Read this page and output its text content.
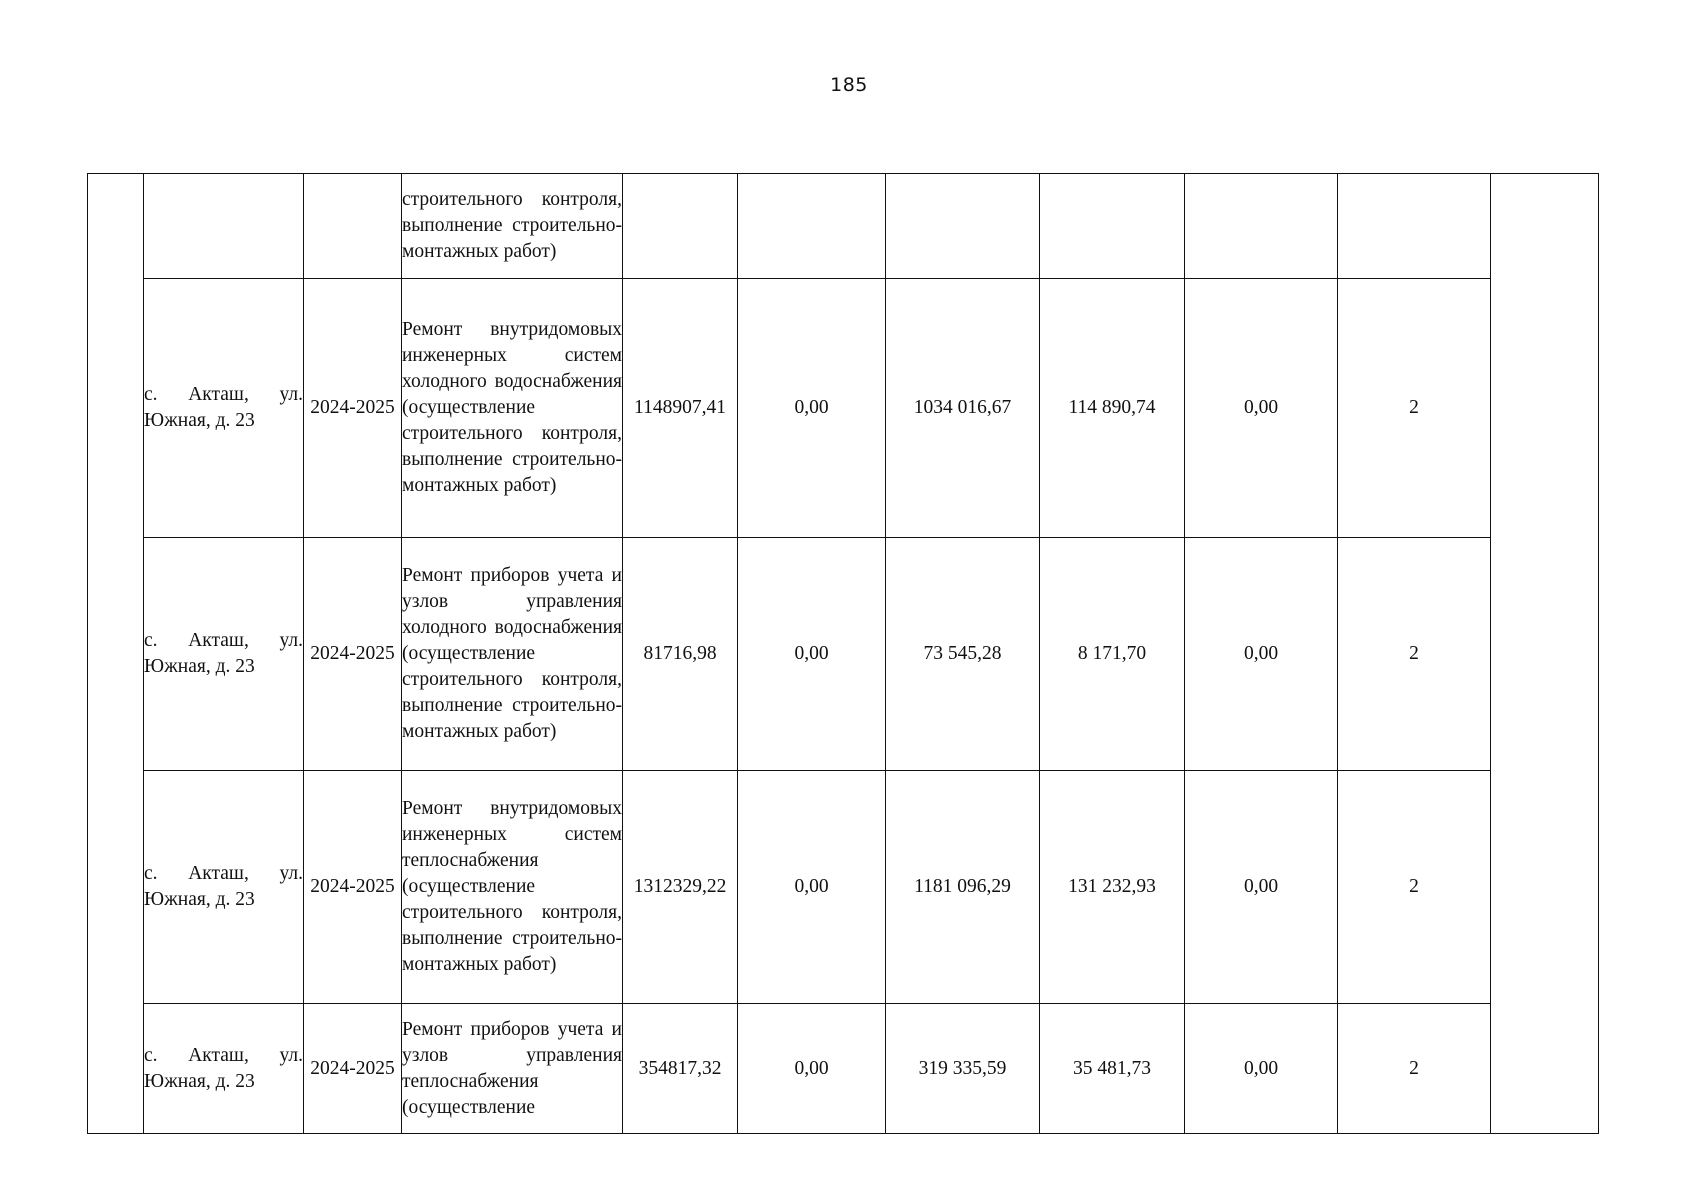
185

			строительного контроля, выполнение строительно-монтажных работ)							

	с. Акташ, ул. Южная, д. 23	2024-2025	Ремонт внутридомовых инженерных систем холодного водоснабжения (осуществление строительного контроля, выполнение строительно-монтажных работ)	1148907,41	0,00	1034 016,67	114 890,74	0,00	2	
	с. Акташ, ул. Южная, д. 23	2024-2025	Ремонт приборов учета и узлов управления холодного водоснабжения (осуществление строительного контроля, выполнение строительно-монтажных работ)	81716,98	0,00	73 545,28	8 171,70	0,00	2	
	с. Акташ, ул. Южная, д. 23	2024-2025	Ремонт внутридомовых инженерных систем теплоснабжения (осуществление строительного контроля, выполнение строительно-монтажных работ)	1312329,22	0,00	1181 096,29	131 232,93	0,00	2	
	с. Акташ, ул. Южная, д. 23	2024-2025	Ремонт приборов учета и узлов управления теплоснабжения (осуществление	354817,32	0,00	319 335,59	35 481,73	0,00	2	
